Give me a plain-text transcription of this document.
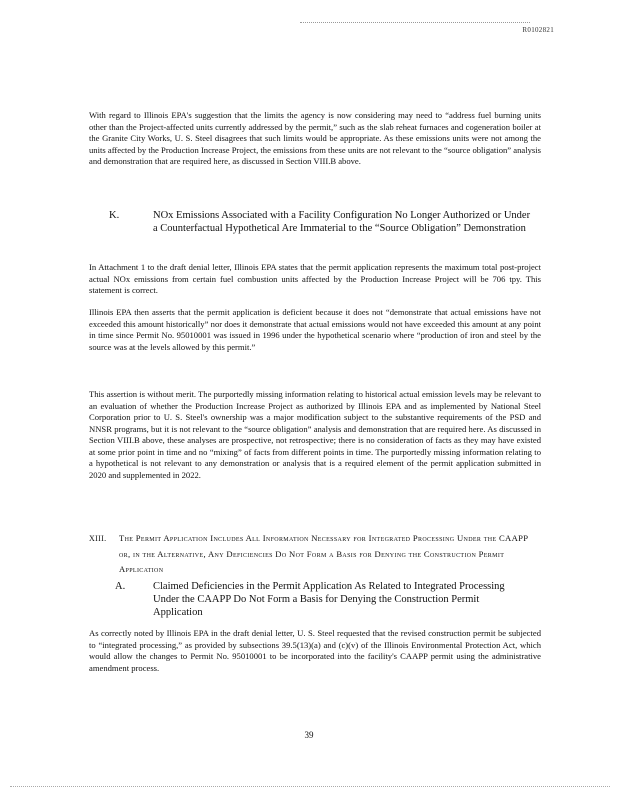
R0102821

With regard to Illinois EPA's suggestion that the limits the agency is now considering may need to “address fuel burning units other than the Project-affected units currently addressed by the permit,” such as the slab reheat furnaces and cogeneration boiler at the Granite City Works, U. S. Steel disagrees that such limits would be appropriate. As these emissions units were not among the units affected by the Production Increase Project, the emissions from these units are not relevant to the “source obligation” analysis and demonstration that are required here, as discussed in Section VIII.B above.

K.	NOx Emissions Associated with a Facility Configuration No Longer Authorized or Under a Counterfactual Hypothetical Are Immaterial to the “Source Obligation” Demonstration

In Attachment 1 to the draft denial letter, Illinois EPA states that the permit application represents the maximum total post-project actual NOx emissions from certain fuel combustion units affected by the Production Increase Project will be 706 tpy. This statement is correct.

Illinois EPA then asserts that the permit application is deficient because it does not “demonstrate that actual emissions have not exceeded this amount historically” nor does it demonstrate that actual emissions would not have exceeded this amount at any point in time since Permit No. 95010001 was issued in 1996 under the hypothetical scenario where “production of iron and steel by the source was at the levels allowed by this permit.”

This assertion is without merit. The purportedly missing information relating to historical actual emission levels may be relevant to an evaluation of whether the Production Increase Project as authorized by Illinois EPA and as implemented by National Steel Corporation prior to U. S. Steel's ownership was a major modification subject to the substantive requirements of the PSD and NNSR programs, but it is not relevant to the “source obligation” analysis and demonstration that are required here. As discussed in Section VIII.B above, these analyses are prospective, not retrospective; there is no consideration of facts as they may have existed at some prior point in time and no “mixing” of facts from different points in time. The purportedly missing information relating to a hypothetical is not relevant to any demonstration or analysis that is a required element of the permit application submitted in 2020 and supplemented in 2022.

XIII.	The Permit Application Includes All Information Necessary for Integrated Processing Under the CAAPP or, in the Alternative, Any Deficiencies Do Not Form a Basis for Denying the Construction Permit Application
A.	Claimed Deficiencies in the Permit Application As Related to Integrated Processing Under the CAAPP Do Not Form a Basis for Denying the Construction Permit Application

As correctly noted by Illinois EPA in the draft denial letter, U. S. Steel requested that the revised construction permit be subjected to “integrated processing,” as provided by subsections 39.5(13)(a) and (c)(v) of the Illinois Environmental Protection Act, which would allow the changes to Permit No. 95010001 to be incorporated into the facility's CAAPP permit using the administrative amendment process.

39
